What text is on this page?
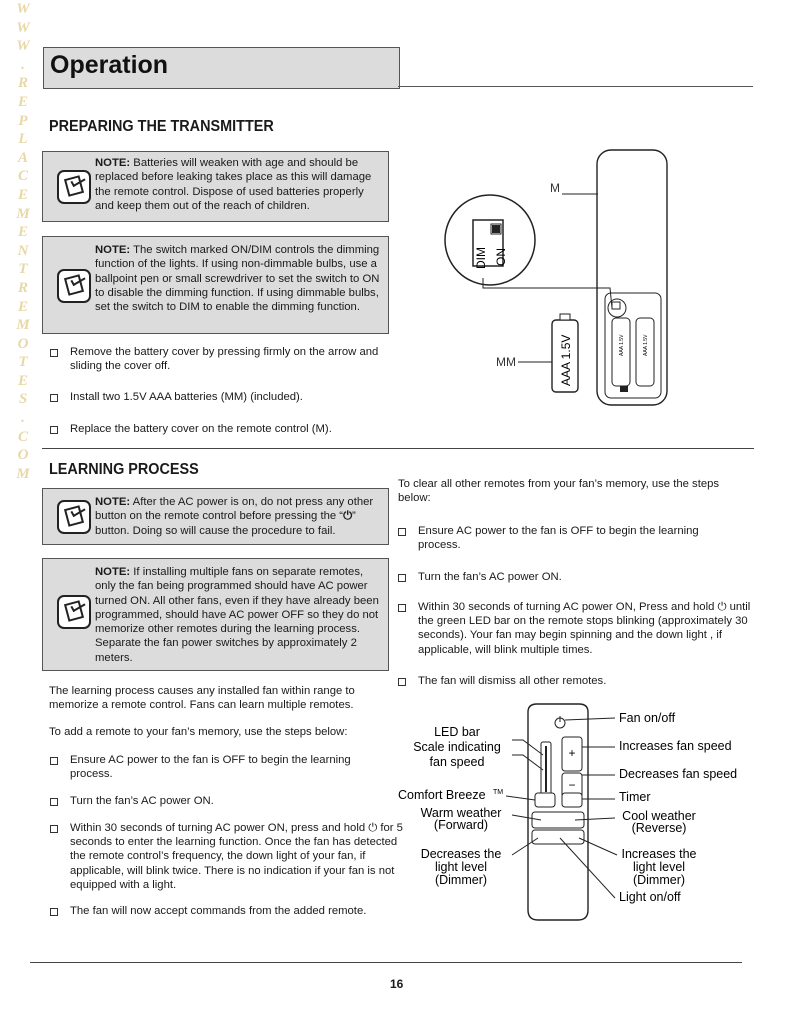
W
W
W
.
R
E
P
L
A
C
E
M
E
N
T
R
E
M
O
T
E
S
.
C
O
M
Operation
PREPARING THE TRANSMITTER
NOTE: Batteries will weaken with age and should be replaced before leaking takes place as this will damage the remote control. Dispose of used batteries properly and keep them out of the reach of children.
NOTE: The switch marked ON/DIM controls the dimming function of the lights. If using non-dimmable bulbs, use a ballpoint pen or small screwdriver to set the switch to ON to disable the dimming function. If using dimmable bulbs, set the switch to DIM to enable the dimming function.
Remove the battery cover by pressing firmly on the arrow and sliding the cover off.
Install two 1.5V AAA batteries (MM) (included).
Replace the battery cover on the remote control (M).
AAA 1.5V	AAA 1.5V
DIM ON
M
AAA 1.5V
MM
LEARNING PROCESS
NOTE: After the AC power is on, do not press any other button on the remote control before pressing the “⏻” button. Doing so will cause the procedure to fail.
NOTE: If installing multiple fans on separate remotes, only the fan being programmed should have AC power turned ON. All other fans, even if they have already been programmed, should have AC power OFF so they do not memorize other remotes during the learning process. Separate the fan power switches by approximately 2 meters.
The learning process causes any installed fan within range to memorize a remote control. Fans can learn multiple remotes.
To add a remote to your fan’s memory, use the steps below:
Ensure AC power to the fan is OFF to begin the learning process.
Turn the fan’s AC power ON.
Within 30 seconds of turning AC power ON, press and hold ⏻ for 5 seconds to enter the learning function. Once the fan has detected the remote control’s frequency, the down light of your fan, if applicable, will blink twice. There is no indication if your fan is not equipped with a light.
The fan will now accept commands from the added remote.
To clear all other remotes from your fan’s memory, use the steps below:
Ensure AC power to the fan is OFF to begin the learning process.
Turn the fan’s AC power ON.
Within 30 seconds of turning AC power ON, Press and hold ⏻ until the green LED bar on the remote stops blinking (approximately 30 seconds). Your fan may begin spinning and the down light , if applicable, will blink multiple times.
The fan will dismiss all other remotes.
+
−
LED bar
Scale indicating
fan speed
Comfort Breeze TM
Warm weather
(Forward)
Decreases the
light level
(Dimmer)
Fan on/off
Increases fan speed
Decreases fan speed
Timer
Cool weather
(Reverse)
Increases the
light level
(Dimmer)
Light on/off
16
